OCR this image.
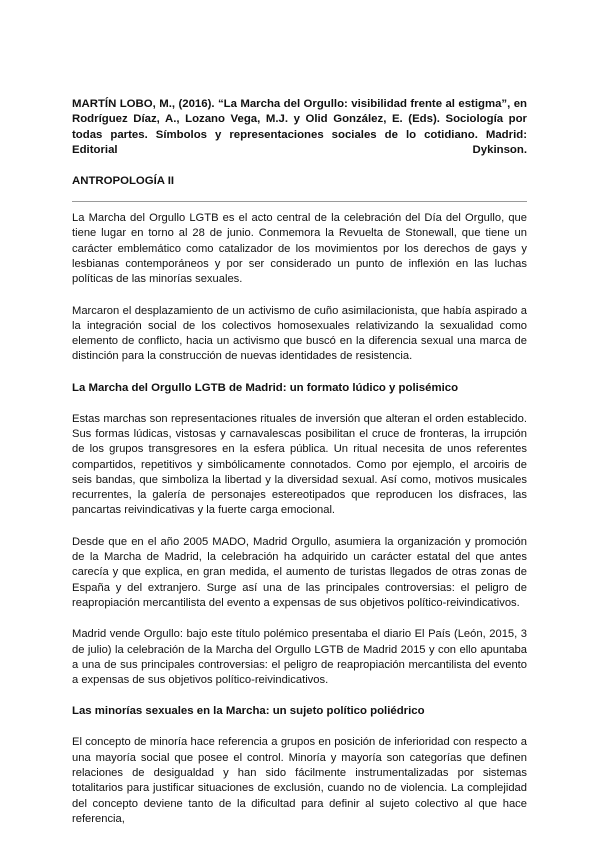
MARTÍN LOBO, M., (2016). “La Marcha del Orgullo: visibilidad frente al estigma”, en Rodríguez Díaz, A., Lozano Vega, M.J. y Olid González, E. (Eds). Sociología por todas partes. Símbolos y representaciones sociales de lo cotidiano. Madrid: Editorial Dykinson.

ANTROPOLOGÍA II

La Marcha del Orgullo LGTB es el acto central de la celebración del Día del Orgullo, que tiene lugar en torno al 28 de junio. Conmemora la Revuelta de Stonewall, que tiene un carácter emblemático como catalizador de los movimientos por los derechos de gays y lesbianas contemporáneos y por ser considerado un punto de inflexión en las luchas políticas de las minorías sexuales.

Marcaron el desplazamiento de un activismo de cuño asimilacionista, que había aspirado a la integración social de los colectivos homosexuales relativizando la sexualidad como elemento de conflicto, hacia un activismo que buscó en la diferencia sexual una marca de distinción para la construcción de nuevas identidades de resistencia.

La Marcha del Orgullo LGTB de Madrid: un formato lúdico y polisémico

Estas marchas son representaciones rituales de inversión que alteran el orden establecido. Sus formas lúdicas, vistosas y carnavalescas posibilitan el cruce de fronteras, la irrupción de los grupos transgresores en la esfera pública. Un ritual necesita de unos referentes compartidos, repetitivos y simbólicamente connotados. Como por ejemplo, el arcoiris de seis bandas, que simboliza la libertad y la diversidad sexual. Así como, motivos musicales recurrentes, la galería de personajes estereotipados que reproducen los disfraces, las pancartas reivindicativas y la fuerte carga emocional.

Desde que en el año 2005 MADO, Madrid Orgullo, asumiera la organización y promoción de la Marcha de Madrid, la celebración ha adquirido un carácter estatal del que antes carecía y que explica, en gran medida, el aumento de turistas llegados de otras zonas de España y del extranjero. Surge así una de las principales controversias: el peligro de reapropiación mercantilista del evento a expensas de sus objetivos político-reivindicativos.

Madrid vende Orgullo: bajo este título polémico presentaba el diario El País (León, 2015, 3 de julio) la celebración de la Marcha del Orgullo LGTB de Madrid 2015 y con ello apuntaba a una de sus principales controversias: el peligro de reapropiación mercantilista del evento a expensas de sus objetivos político-reivindicativos.

Las minorías sexuales en la Marcha: un sujeto político poliédrico

El concepto de minoría hace referencia a grupos en posición de inferioridad con respecto a una mayoría social que posee el control. Minoría y mayoría son categorías que definen relaciones de desigualdad y han sido fácilmente instrumentalizadas por sistemas totalitarios para justificar situaciones de exclusión, cuando no de violencia. La complejidad del concepto deviene tanto de la dificultad para definir al sujeto colectivo al que hace referencia,
